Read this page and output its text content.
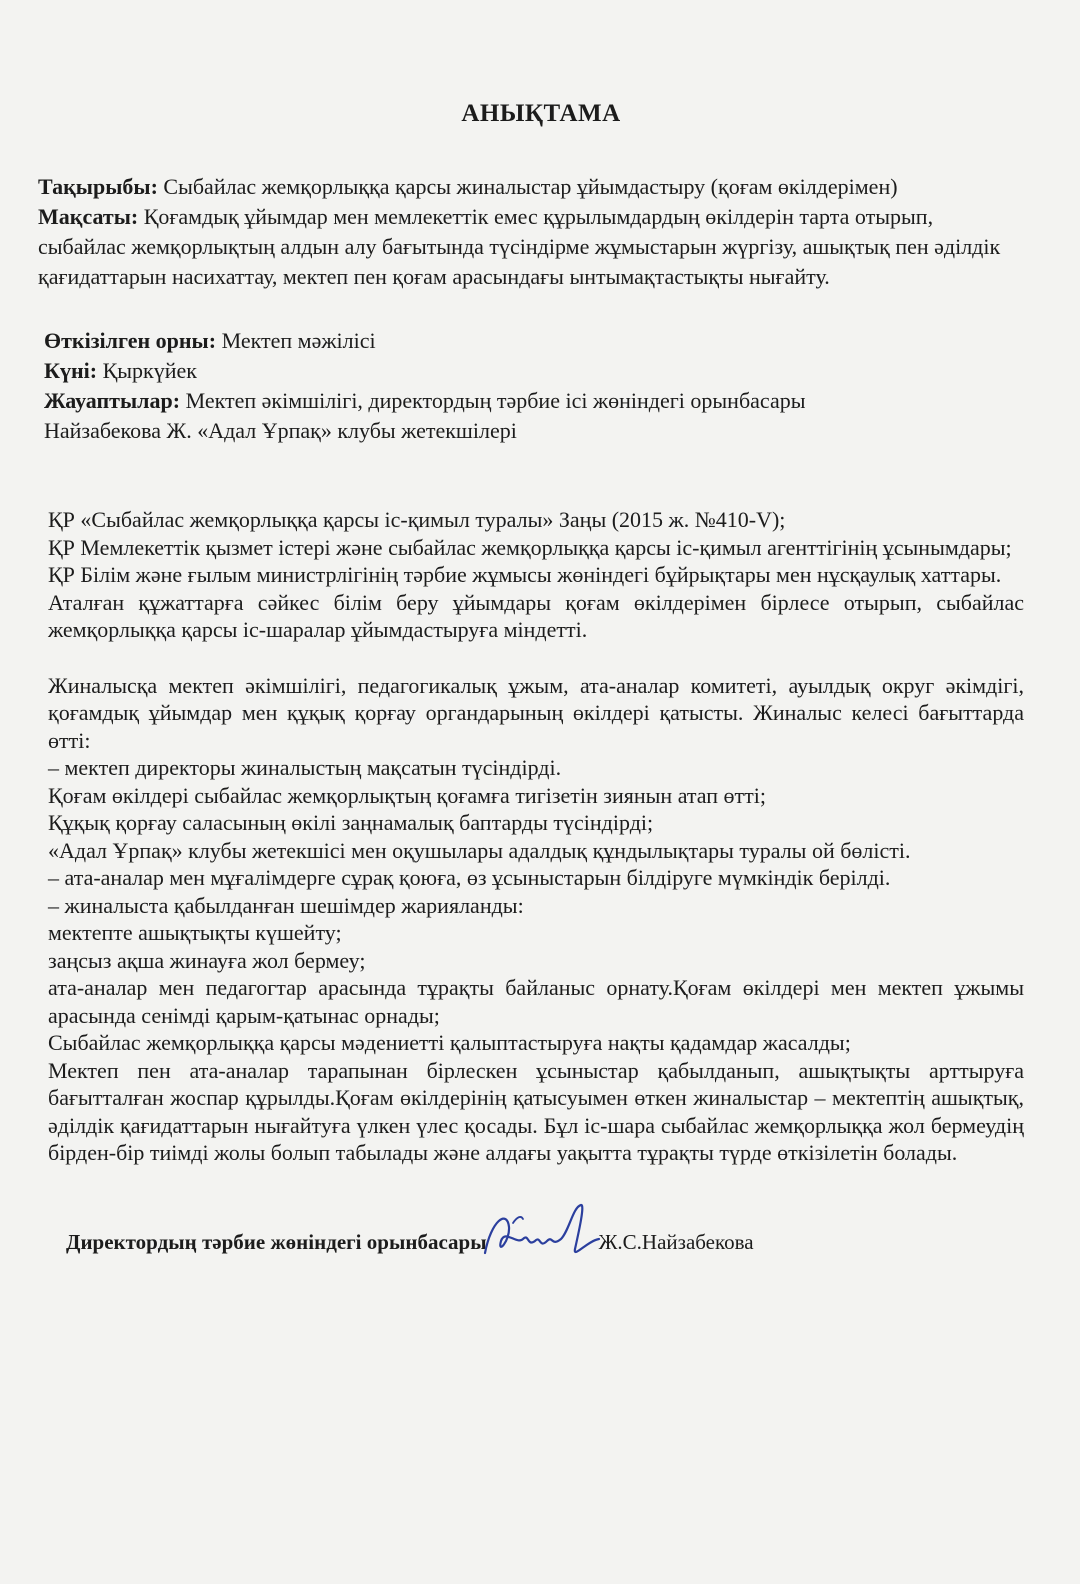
АНЫҚТАМА
Тақырыбы: Сыбайлас жемқорлыққа қарсы жиналыстар ұйымдастыру (қоғам өкілдерімен)
Мақсаты: Қоғамдық ұйымдар мен мемлекеттік емес құрылымдардың өкілдерін тарта отырып, сыбайлас жемқорлықтың алдын алу бағытында түсіндірме жұмыстарын жүргізу, ашықтық пен әділдік қағидаттарын насихаттау, мектеп пен қоғам арасындағы ынтымақтастықты нығайту.
Өткізілген орны: Мектеп мәжілісі
Күні: Қыркүйек
Жауаптылар: Мектеп әкімшілігі, директордың тәрбие ісі жөніндегі орынбасары
Найзабекова Ж. «Адал Ұрпақ» клубы жетекшілері

ҚР «Сыбайлас жемқорлыққа қарсы іс-қимыл туралы» Заңы (2015 ж. №410-V);

ҚР Мемлекеттік қызмет істері және сыбайлас жемқорлыққа қарсы іс-қимыл агенттігінің ұсынымдары;

ҚР Білім және ғылым министрлігінің тәрбие жұмысы жөніндегі бұйрықтары мен нұсқаулық хаттары.

Аталған құжаттарға сәйкес білім беру ұйымдары қоғам өкілдерімен бірлесе отырып, сыбайлас жемқорлыққа қарсы іс-шаралар ұйымдастыруға міндетті.

Жиналысқа мектеп әкімшілігі, педагогикалық ұжым, ата-аналар комитеті, ауылдық округ әкімдігі, қоғамдық ұйымдар мен құқық қорғау органдарының өкілдері қатысты. Жиналыс келесі бағыттарда өтті:

– мектеп директоры жиналыстың мақсатын түсіндірді.

Қоғам өкілдері сыбайлас жемқорлықтың қоғамға тигізетін зиянын атап өтті;

Құқық қорғау саласының өкілі заңнамалық баптарды түсіндірді;

«Адал Ұрпақ» клубы жетекшісі мен оқушылары адалдық құндылықтары туралы ой бөлісті.

– ата-аналар мен мұғалімдерге сұрақ қоюға, өз ұсыныстарын білдіруге мүмкіндік берілді.

– жиналыста қабылданған шешімдер жарияланды:

мектепте ашықтықты күшейту;

заңсыз ақша жинауға жол бермеу;

ата-аналар мен педагогтар арасында тұрақты байланыс орнату.Қоғам өкілдері мен мектеп ұжымы арасында сенімді қарым-қатынас орнады;

Сыбайлас жемқорлыққа қарсы мәдениетті қалыптастыруға нақты қадамдар жасалды;

Мектеп пен ата-аналар тарапынан бірлескен ұсыныстар қабылданып, ашықтықты арттыруға бағытталған жоспар құрылды.Қоғам өкілдерінің қатысуымен өткен жиналыстар – мектептің ашықтық, әділдік қағидаттарын нығайтуға үлкен үлес қосады. Бұл іс-шара сыбайлас жемқорлыққа жол бермеудің бірден-бір тиімді жолы болып табылады және алдағы уақытта тұрақты түрде өткізілетін болады.

Директордың тәрбие жөніндегі орынбасары	Ж.С.Найзабекова
